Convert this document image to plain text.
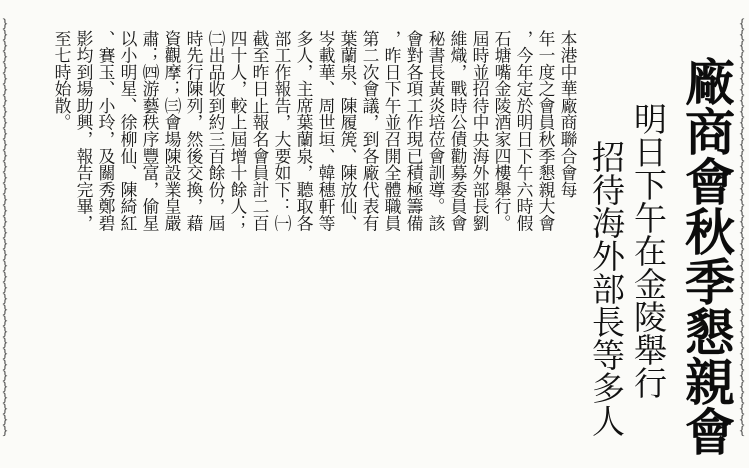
}
}
}
}
}
}
}
}
}
}
}
}
}
}
}
}
}
}
}
}
}
}
}
}
}
}
}
}
}
}
}
}
}
}
}
}
}
}
{
{
{
{
{
{
{
{
{
{
{
{
{
{
{
{
{
{
{
{
{
{
{
{
{
{
{
{
{
{
{
{
{
{
{
{
{
{
廠商會秋季懇親會
明日下午在金陵舉行
招待海外部長等多人
本港中華廠商聯合會每
年一度之會員秋季懇親大會
，今年定於明日下午六時假
石塘嘴金陵酒家四樓舉行。
屆時並招待中央海外部長劉
維熾，戰時公債勸募委員會
秘書長黃炎培莅會訓導。該
會對各項工作現已積極籌備
，昨日下午並召開全體職員
第二次會議，到各廠代表有
葉蘭泉、陳履箎、陳放仙、
岑載華、周世垣、韓穗軒等
多人，主席葉蘭泉，聽取各
部工作報告，大要如下：㈠
截至昨日止報名會員計二百
四十人，較上屆增十餘人；
㈡出品收到約三百餘份，屆
時先行陳列，然後交換，藉
資觀摩；㈢會場陳設業皇嚴
肅；㈣游藝秩序豐富，偷星
以小明星、徐柳仙、陳綺紅
、賽玉、小玲，及關秀鄭碧
影均到場助興，報告完畢，
至七時始散。
